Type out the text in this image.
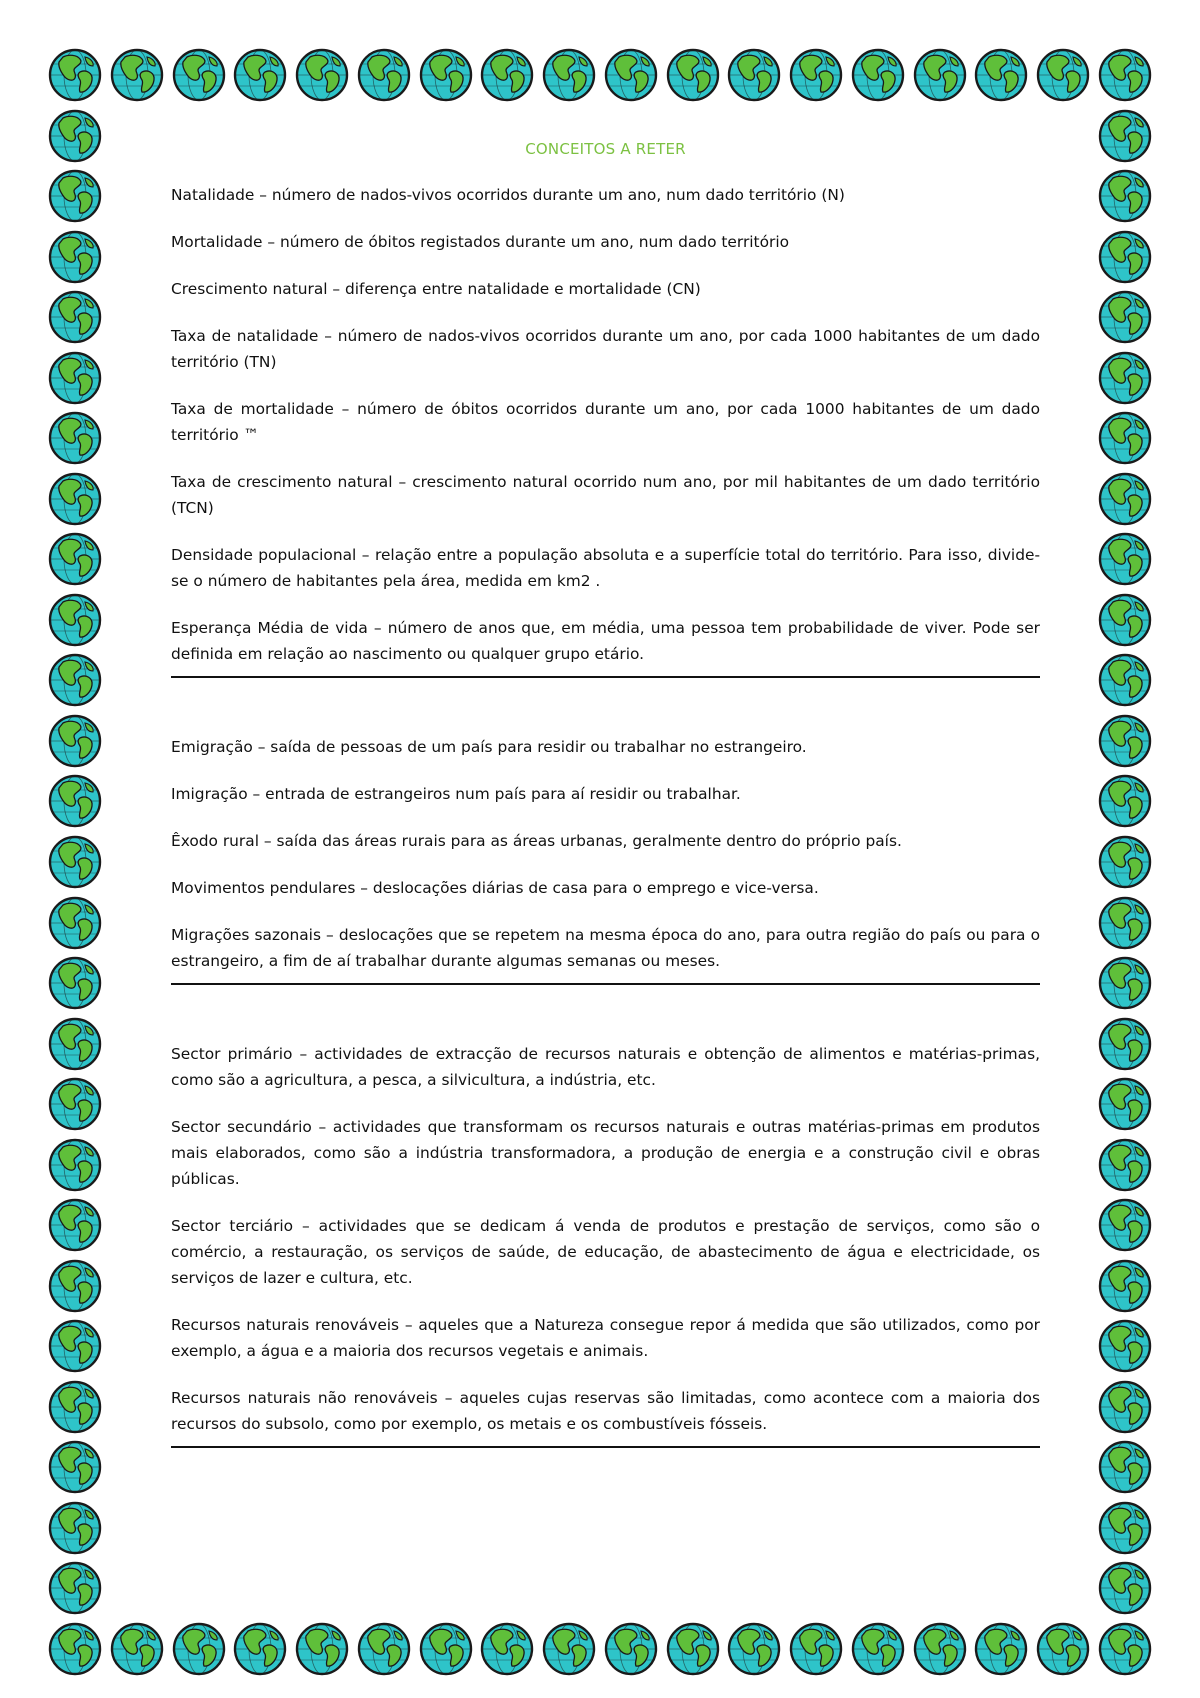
CONCEITOS A RETER

Natalidade – número de nados-vivos ocorridos durante um ano, num dado território (N)

Mortalidade – número de óbitos registados durante um ano, num dado território

Crescimento natural – diferença entre natalidade e mortalidade (CN)

Taxa de natalidade – número de nados-vivos ocorridos durante um ano, por cada 1000 habitantes de um dado território (TN)

Taxa de mortalidade – número de óbitos ocorridos durante um ano, por cada 1000 habitantes de um dado território ™

Taxa de crescimento natural – crescimento natural ocorrido num ano, por mil habitantes de um dado território (TCN)

Densidade populacional – relação entre a população absoluta e a superfície total do território. Para isso, divide-se o número de habitantes pela área, medida em km2 .

Esperança Média de vida – número de anos que, em média, uma pessoa tem probabilidade de viver. Pode ser definida em relação ao nascimento ou qualquer grupo etário.

Emigração – saída de pessoas de um país para residir ou trabalhar no estrangeiro.

Imigração – entrada de estrangeiros num país para aí residir ou trabalhar.

Êxodo rural – saída das áreas rurais para as áreas urbanas, geralmente dentro do próprio país.

Movimentos pendulares – deslocações diárias de casa para o emprego e vice-versa.

Migrações sazonais – deslocações que se repetem na mesma época do ano, para outra região do país ou para o estrangeiro, a fim de aí trabalhar durante algumas semanas ou meses.

Sector primário – actividades de extracção de recursos naturais e obtenção de alimentos e matérias-primas, como são a agricultura, a pesca, a silvicultura, a indústria, etc.

Sector secundário – actividades que transformam os recursos naturais e outras matérias-primas em produtos mais elaborados, como são a indústria transformadora, a produção de energia e a construção civil e obras públicas.

Sector terciário – actividades que se dedicam á venda de produtos e prestação de serviços, como são o comércio, a restauração, os serviços de saúde, de educação, de abastecimento de água e electricidade, os serviços de lazer e cultura, etc.

Recursos naturais renováveis – aqueles que a Natureza consegue repor á medida que são utilizados, como por exemplo, a água e a maioria dos recursos vegetais e animais.

Recursos naturais não renováveis – aqueles cujas reservas são limitadas, como acontece com a maioria dos recursos do subsolo, como por exemplo, os metais e os combustíveis fósseis.
